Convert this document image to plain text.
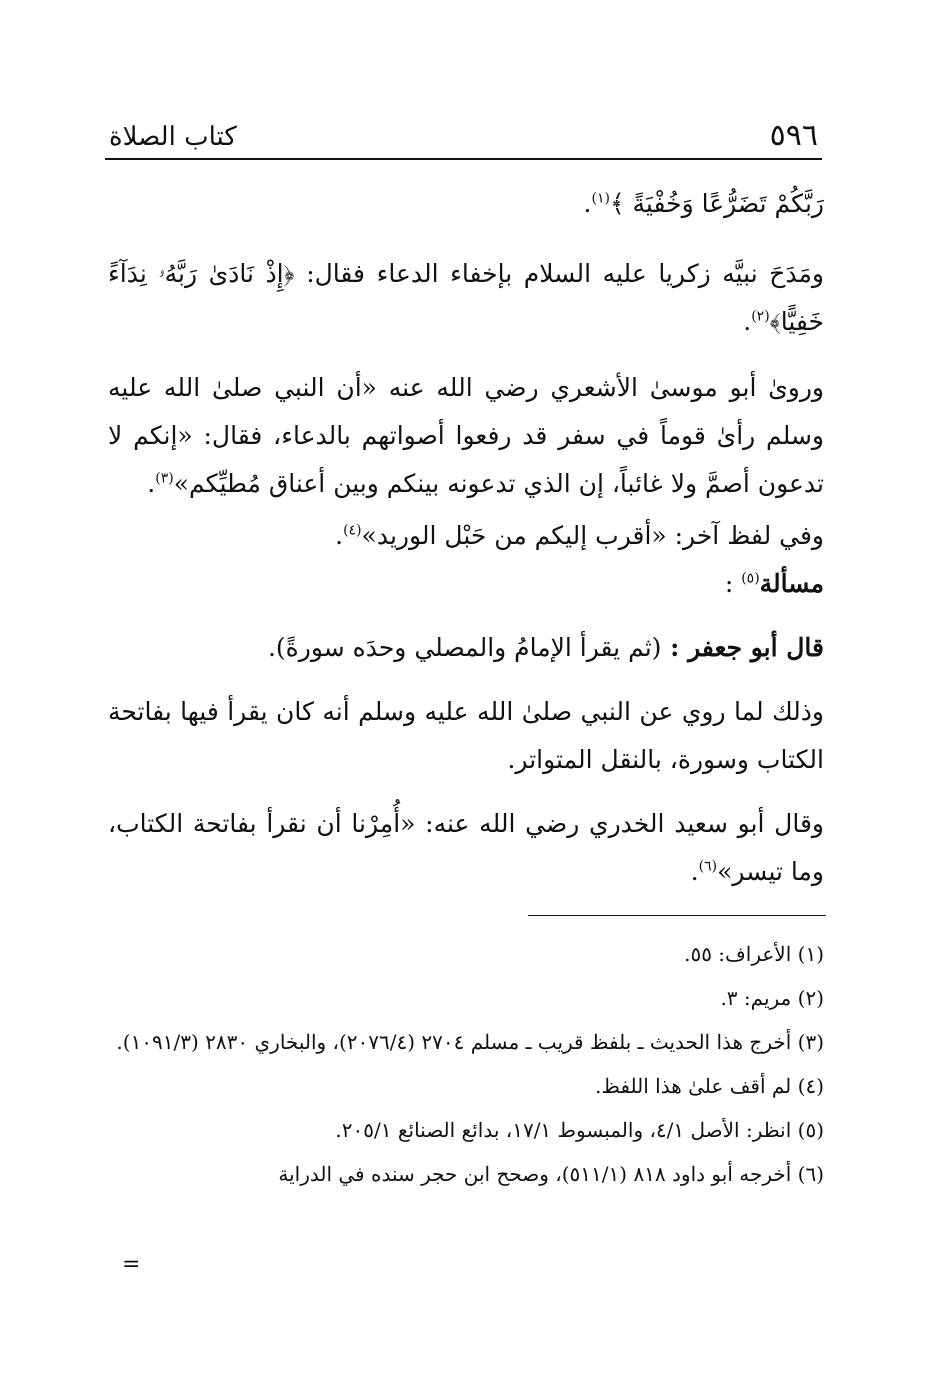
٥٩٦
كتاب الصلاة

رَبَّكُمْ تَضَرُّعًا وَخُفْيَةً ﴾$^{(١)}$.

ومَدَحَ نبيَّه زكريا عليه السلام بإخفاء الدعاء فقال: ﴿إِذْ نَادَىٰ رَبَّهُۥ نِدَآءً خَفِيًّا﴾$^{(٢)}$.

وروىٰ أبو موسىٰ الأشعري رضي الله عنه «أن النبي صلىٰ الله عليه وسلم رأىٰ قوماً في سفر قد رفعوا أصواتهم بالدعاء، فقال: «إنكم لا تدعون أصمَّ ولا غائباً، إن الذي تدعونه بينكم وبين أعناق مُطيِّكم»$^{(٣)}$.

وفي لفظ آخر: «أقرب إليكم من حَبْل الوريد»$^{(٤)}$.

مسألة$^{(٥)}$ :

قال أبو جعفر : (ثم يقرأ الإمامُ والمصلي وحدَه سورةً).

وذلك لما روي عن النبي صلىٰ الله عليه وسلم أنه كان يقرأ فيها بفاتحة الكتاب وسورة، بالنقل المتواتر.

وقال أبو سعيد الخدري رضي الله عنه: «أُمِرْنا أن نقرأ بفاتحة الكتاب، وما تيسر»$^{(٦)}$.

(١) الأعراف: ٥٥.

(٢) مريم: ٣.

(٣) أخرج هذا الحديث ـ بلفظ قريب ـ مسلم ٢٧٠٤ (٢٠٧٦/٤)، والبخاري ٢٨٣٠ (١٠٩١/٣).

(٤) لم أقف علىٰ هذا اللفظ.

(٥) انظر: الأصل ٤/١، والمبسوط ١٧/١، بدائع الصنائع ٢٠٥/١.

(٦) أخرجه أبو داود ٨١٨ (٥١١/١)، وصحح ابن حجر سنده في الدراية

=
